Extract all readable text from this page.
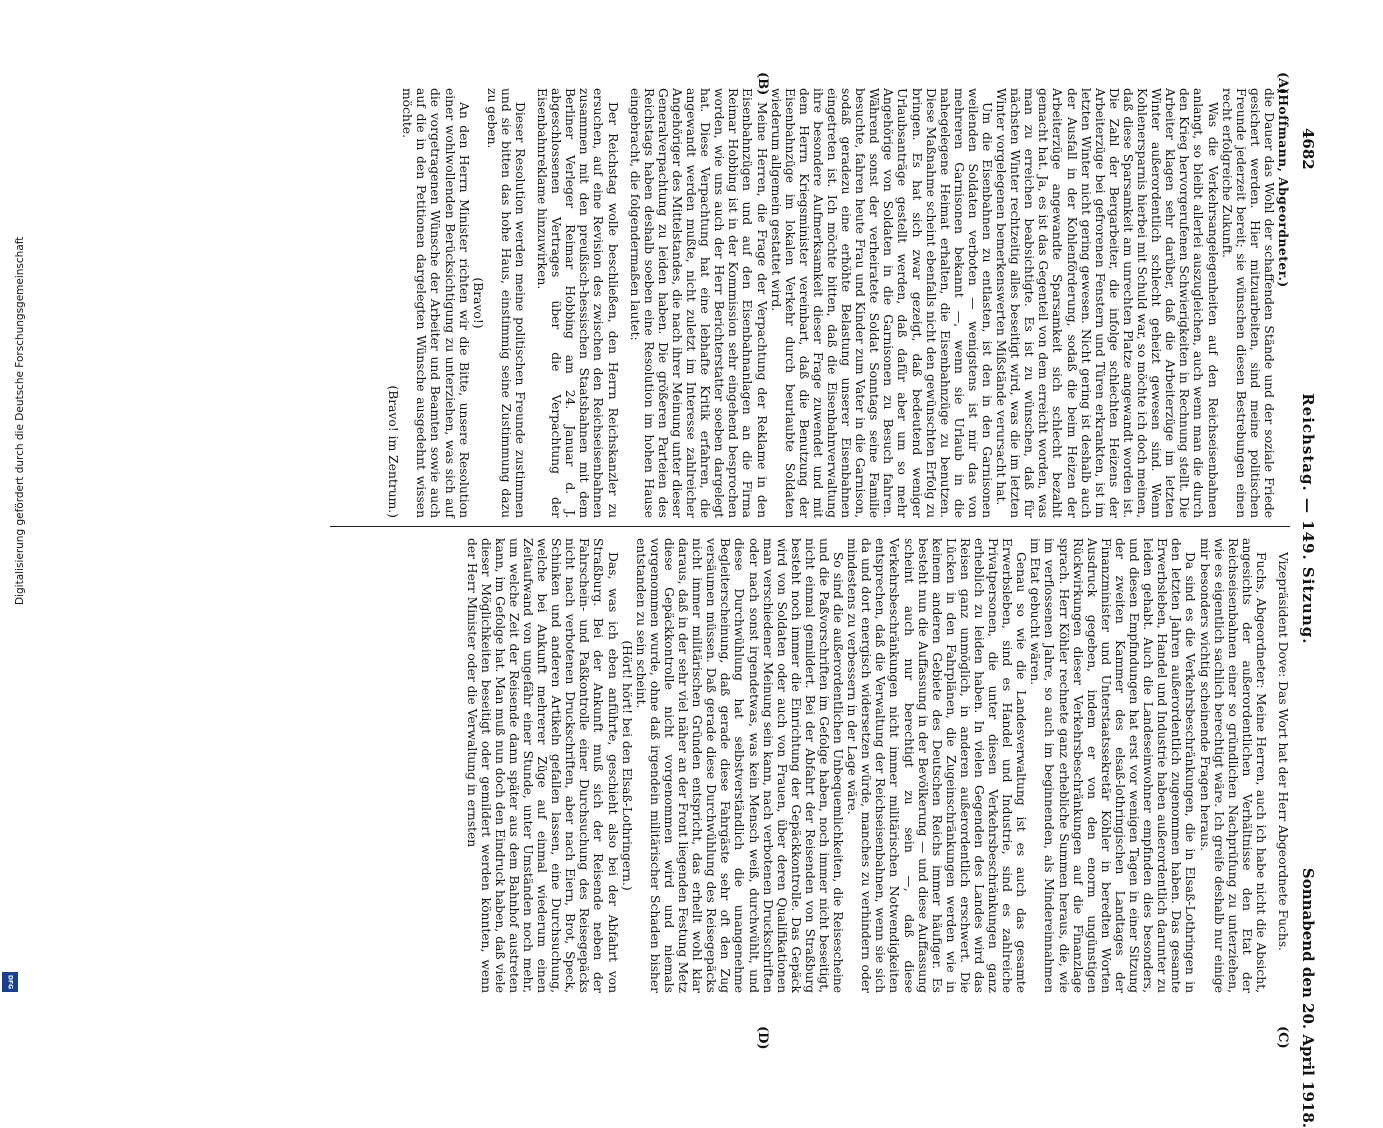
Digitalisierung gefördert durch die Deutsche Forschungsgemeinschaft
DFG
4682
Reichstag. — 149. Sitzung.
Sonnabend den 20. April 1918.
(A)
(B)
(C)
(D)

(Hoffmann, Abgeordneter.)

die Dauer das Wohl der schaffenden Stände und der soziale Friede gesichert werden. Hier mitzuarbeiten, sind meine politischen Freunde jederzeit bereit; sie wünschen diesen Bestrebungen einen recht erfolgreiche Zukunft.

Was die Verkehrsangelegenheiten auf den Reichseisenbahnen anlangt, so bleibt allerlei auszugleichen, auch wenn man die durch den Krieg hervorgerufenen Schwierigkeiten in Rechnung stellt. Die Arbeiter klagen sehr darüber, daß die Arbeiterzüge im letzten Winter außerordentlich schlecht geheizt gewesen sind. Wenn Kohlenersparnis hierbei mit Schuld war, so möchte ich doch meinen, daß diese Sparsamkeit am unrechten Platze angewandt worden ist. Die Zahl der Bergarbeiter, die infolge schlechten Heizens der Arbeiterzüge bei gefrorenen Fenstern und Türen erkrankten, ist im letzten Winter nicht gering gewesen. Nicht gering ist deshalb auch der Ausfall in der Kohlenförderung, sodaß die beim Heizen der Arbeiterzüge angewandte Sparsamkeit sich schlecht bezahlt gemacht hat. Ja, es ist das Gegenteil von dem erreicht worden, was man zu erreichen beabsichtigte. Es ist zu wünschen, daß für nächsten Winter rechtzeitig alles beseitigt wird, was die im letzten Winter vorgelegenen bemerkenswerten Mißstände verursacht hat.

Um die Eisenbahnen zu entlasten, ist den in den Garnisonen weilenden Soldaten verboten — wenigstens ist mir das von mehreren Garnisonen bekannt —, wenn sie Urlaub in die nahegelegene Heimat erhalten, die Eisenbahnzüge zu benutzen. Diese Maßnahme scheint ebenfalls nicht den gewünschten Erfolg zu bringen. Es hat sich zwar gezeigt, daß bedeutend weniger Urlaubsanträge gestellt werden, daß dafür aber um so mehr Angehörige von Soldaten in die Garnisonen zu Besuch fahren. Während sonst der verheiratete Soldat Sonntags seine Familie besuchte, fahren heute Frau und Kinder zum Vater in die Garnison, sodaß geradezu eine erhöhte Belastung unserer Eisenbahnen eingetreten ist. Ich möchte bitten, daß die Eisenbahnverwaltung ihre besondere Aufmerksamkeit dieser Frage zuwendet und mit dem Herrn Kriegsminister vereinbart, daß die Benutzung der Eisenbahnzüge im lokalen Verkehr durch beurlaubte Soldaten wiederum allgemein gestattet wird.

Meine Herren, die Frage der Verpachtung der Reklame in den Eisenbahnzügen und auf den Eisenbahnanlagen an die Firma Reimar Hobbing ist in der Kommission sehr eingehend besprochen worden, wie uns auch der Herr Berichterstatter soeben dargelegt hat. Diese Verpachtung hat eine lebhafte Kritik erfahren, die angewandt werden mußte, nicht zuletzt im Interesse zahlreicher Angehöriger des Mittelstandes, die nach ihrer Meinung unter dieser Generalverpachtung zu leiden haben. Die größeren Parteien des Reichstags haben deshalb soeben eine Resolution im hohen Hause eingebracht, die folgendermaßen lautet:

Der Reichstag wolle beschließen, den Herrn Reichskanzler zu ersuchen, auf eine Revision des zwischen den Reichseisenbahnen zusammen mit den preußisch-hessischen Staatsbahnen mit dem Berliner Verleger Reimar Hobbing am 24. Januar d. J. abgeschlossenen Vertrages über die Verpachtung der Eisenbahnreklame hinzuwirken.

Dieser Resolution werden meine politischen Freunde zustimmen und sie bitten das hohe Haus, einstimmig seine Zustimmung dazu zu geben.

(Bravo!)

An den Herrn Minister richten wir die Bitte, unsere Resolution einer wohlwollenden Berücksichtigung zu unterziehen, was sich auf die vorgetragenen Wünsche der Arbeiter und Beamten sowie auch auf die in den Petitionen dargelegten Wünsche ausgedehnt wissen möchte.

(Bravo! im Zentrum.)

Vizepräsident Dove: Das Wort hat der Herr Abgeordnete Fuchs.

Fuchs, Abgeordneter: Meine Herren, auch ich habe nicht die Absicht, angesichts der außerordentlichen Verhältnisse den Etat der Reichseisenbahnen einer so gründlichen Nachprüfung zu unterziehen, wie es eigentlich sachlich berechtigt wäre. Ich greife deshalb nur einige mir besonders wichtig scheinende Fragen heraus.

Da sind es die Verkehrsbeschränkungen, die in Elsaß-Lothringen in den letzten Jahren außerordentlich zugenommen haben. Das gesamte Erwerbsleben, Handel und Industrie haben außerordentlich darunter zu leiden gehabt. Auch die Landeseinwohner empfinden dies besonders, und diesen Empfindungen hat erst vor wenigen Tagen in einer Sitzung der zweiten Kammer des elsaß-lothringischen Landtages der Finanzminister und Unterstaatssekretär Köhler in beredten Worten Ausdruck gegeben, indem er von den enorm ungünstigen Rückwirkungen dieser Verkehrsbeschränkungen auf die Finanzlage sprach. Herr Köhler rechnete ganz erhebliche Summen heraus, die, wie im verflossenen Jahre, so auch im beginnenden, als Mindereinnahmen im Etat gebucht wären.

Genau so wie die Landesverwaltung ist es auch das gesamte Erwerbsleben, sind es Handel und Industrie, sind es zahlreiche Privatpersonen, die unter diesen Verkehrsbeschränkungen ganz erheblich zu leiden haben. In vielen Gegenden des Landes wird das Reisen ganz unmöglich, in anderen außerordentlich erschwert. Die Lücken in den Fahrplänen, die Zugeinschränkungen werden wie in keinem anderen Gebiete des Deutschen Reichs immer häufiger. Es besteht nun die Auffassung in der Bevölkerung — und diese Auffassung scheint auch nur berechtigt zu sein —, daß diese Verkehrsbeschränkungen nicht immer militärischen Notwendigkeiten entsprechen, daß die Verwaltung der Reichseisenbahnen, wenn sie sich da und dort energisch widersetzen würde, manches zu verhindern oder mindestens zu verbessern in der Lage wäre.

So sind die außerordentlichen Unbequemlichkeiten, die Reisescheine und die Paßvorschriften im Gefolge haben, noch immer nicht beseitigt, nicht einmal gemildert. Bei der Abfahrt der Reisenden von Straßburg besteht noch immer die Einrichtung der Gepäckkontrolle. Das Gepäck wird von Soldaten oder auch von Frauen, über deren Qualifikationen man verschiedener Meinung sein kann, nach verbotenen Druckschriften oder nach sonst irgendetwas, was kein Mensch weiß, durchwühlt, und diese Durchwühlung hat selbstverständlich die unangenehme Begleiterscheinung, daß gerade diese Fahrgäste sehr oft den Zug versäumen müssen. Daß gerade diese Durchwühlung des Reisegepäcks nicht immer militärischen Gründen entspricht, das erhellt wohl klar daraus, daß in der sehr viel näher an der Front liegenden Festung Metz diese Gepäckkontrolle nicht vorgenommen wird und niemals vorgenommen wurde, ohne daß irgendein militärischer Schaden bisher entstanden zu sein scheint.

(Hört! hört! bei den Elsaß-Lothringern.)

Das, was ich eben anführte, geschieht also bei der Abfahrt von Straßburg. Bei der Ankunft muß sich der Reisende neben der Fahrschein- und Paßkontrolle einer Durchsuchung des Reisegepäcks nicht nach verbotenen Druckschriften, aber nach Eiern, Brot, Speck, Schinken und anderen Artikeln gefallen lassen, eine Durchsuchung, welche bei Ankunft mehrerer Züge auf einmal wiederum einen Zeitaufwand von ungefähr einer Stunde, unter Umständen noch mehr, um welche Zeit der Reisende dann später aus dem Bahnhof austreten kann, im Gefolge hat. Man muß nun doch den Eindruck haben, daß viele dieser Möglichkeiten beseitigt oder gemildert werden könnten, wenn der Herr Minister oder die Verwaltung in ernsten
